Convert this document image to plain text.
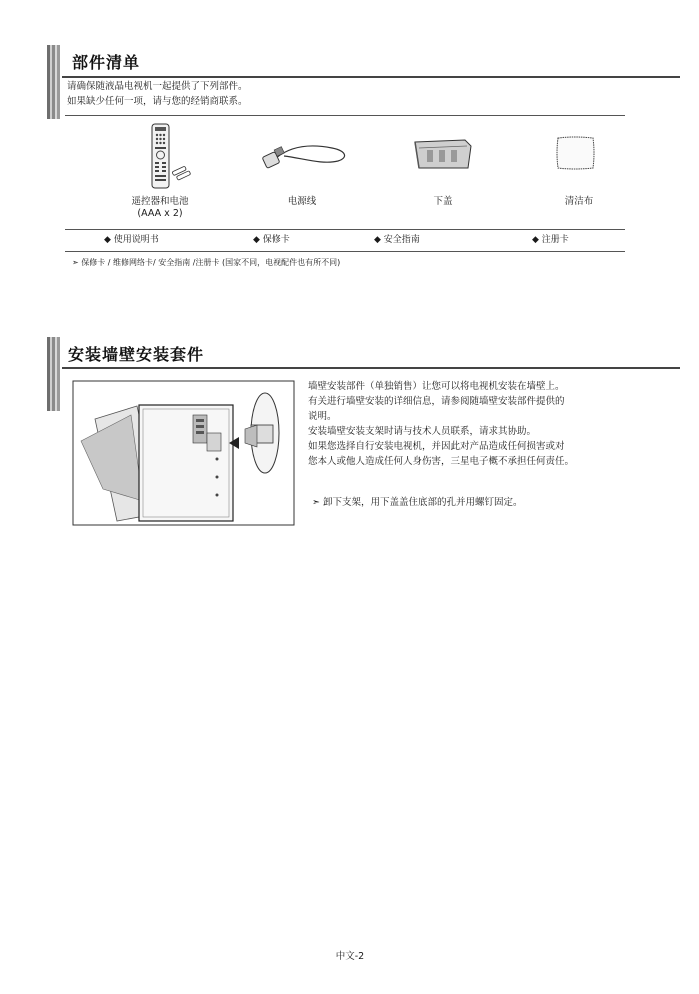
部件清单
请确保随液晶电视机一起提供了下列部件。
如果缺少任何一项，请与您的经销商联系。
遥控器和电池
(AAA x 2)
电源线	下盖	清洁布
◆ 使用说明书	◆ 保修卡	◆ 安全指南	◆ 注册卡
➣ 保修卡 / 维修网络卡/ 安全指南 /注册卡 (国家不同，电视配件也有所不同)
安装墙壁安装套件
墙壁安装部件（单独销售）让您可以将电视机安装在墙壁上。
有关进行墙壁安装的详细信息，请参阅随墙壁安装部件提供的
说明。
安装墙壁安装支架时请与技术人员联系，请求其协助。
如果您选择自行安装电视机，并因此对产品造成任何损害或对
您本人或他人造成任何人身伤害，三星电子概不承担任何责任。
➣ 卸下支架，用下盖盖住底部的孔并用螺钉固定。
中文-2
